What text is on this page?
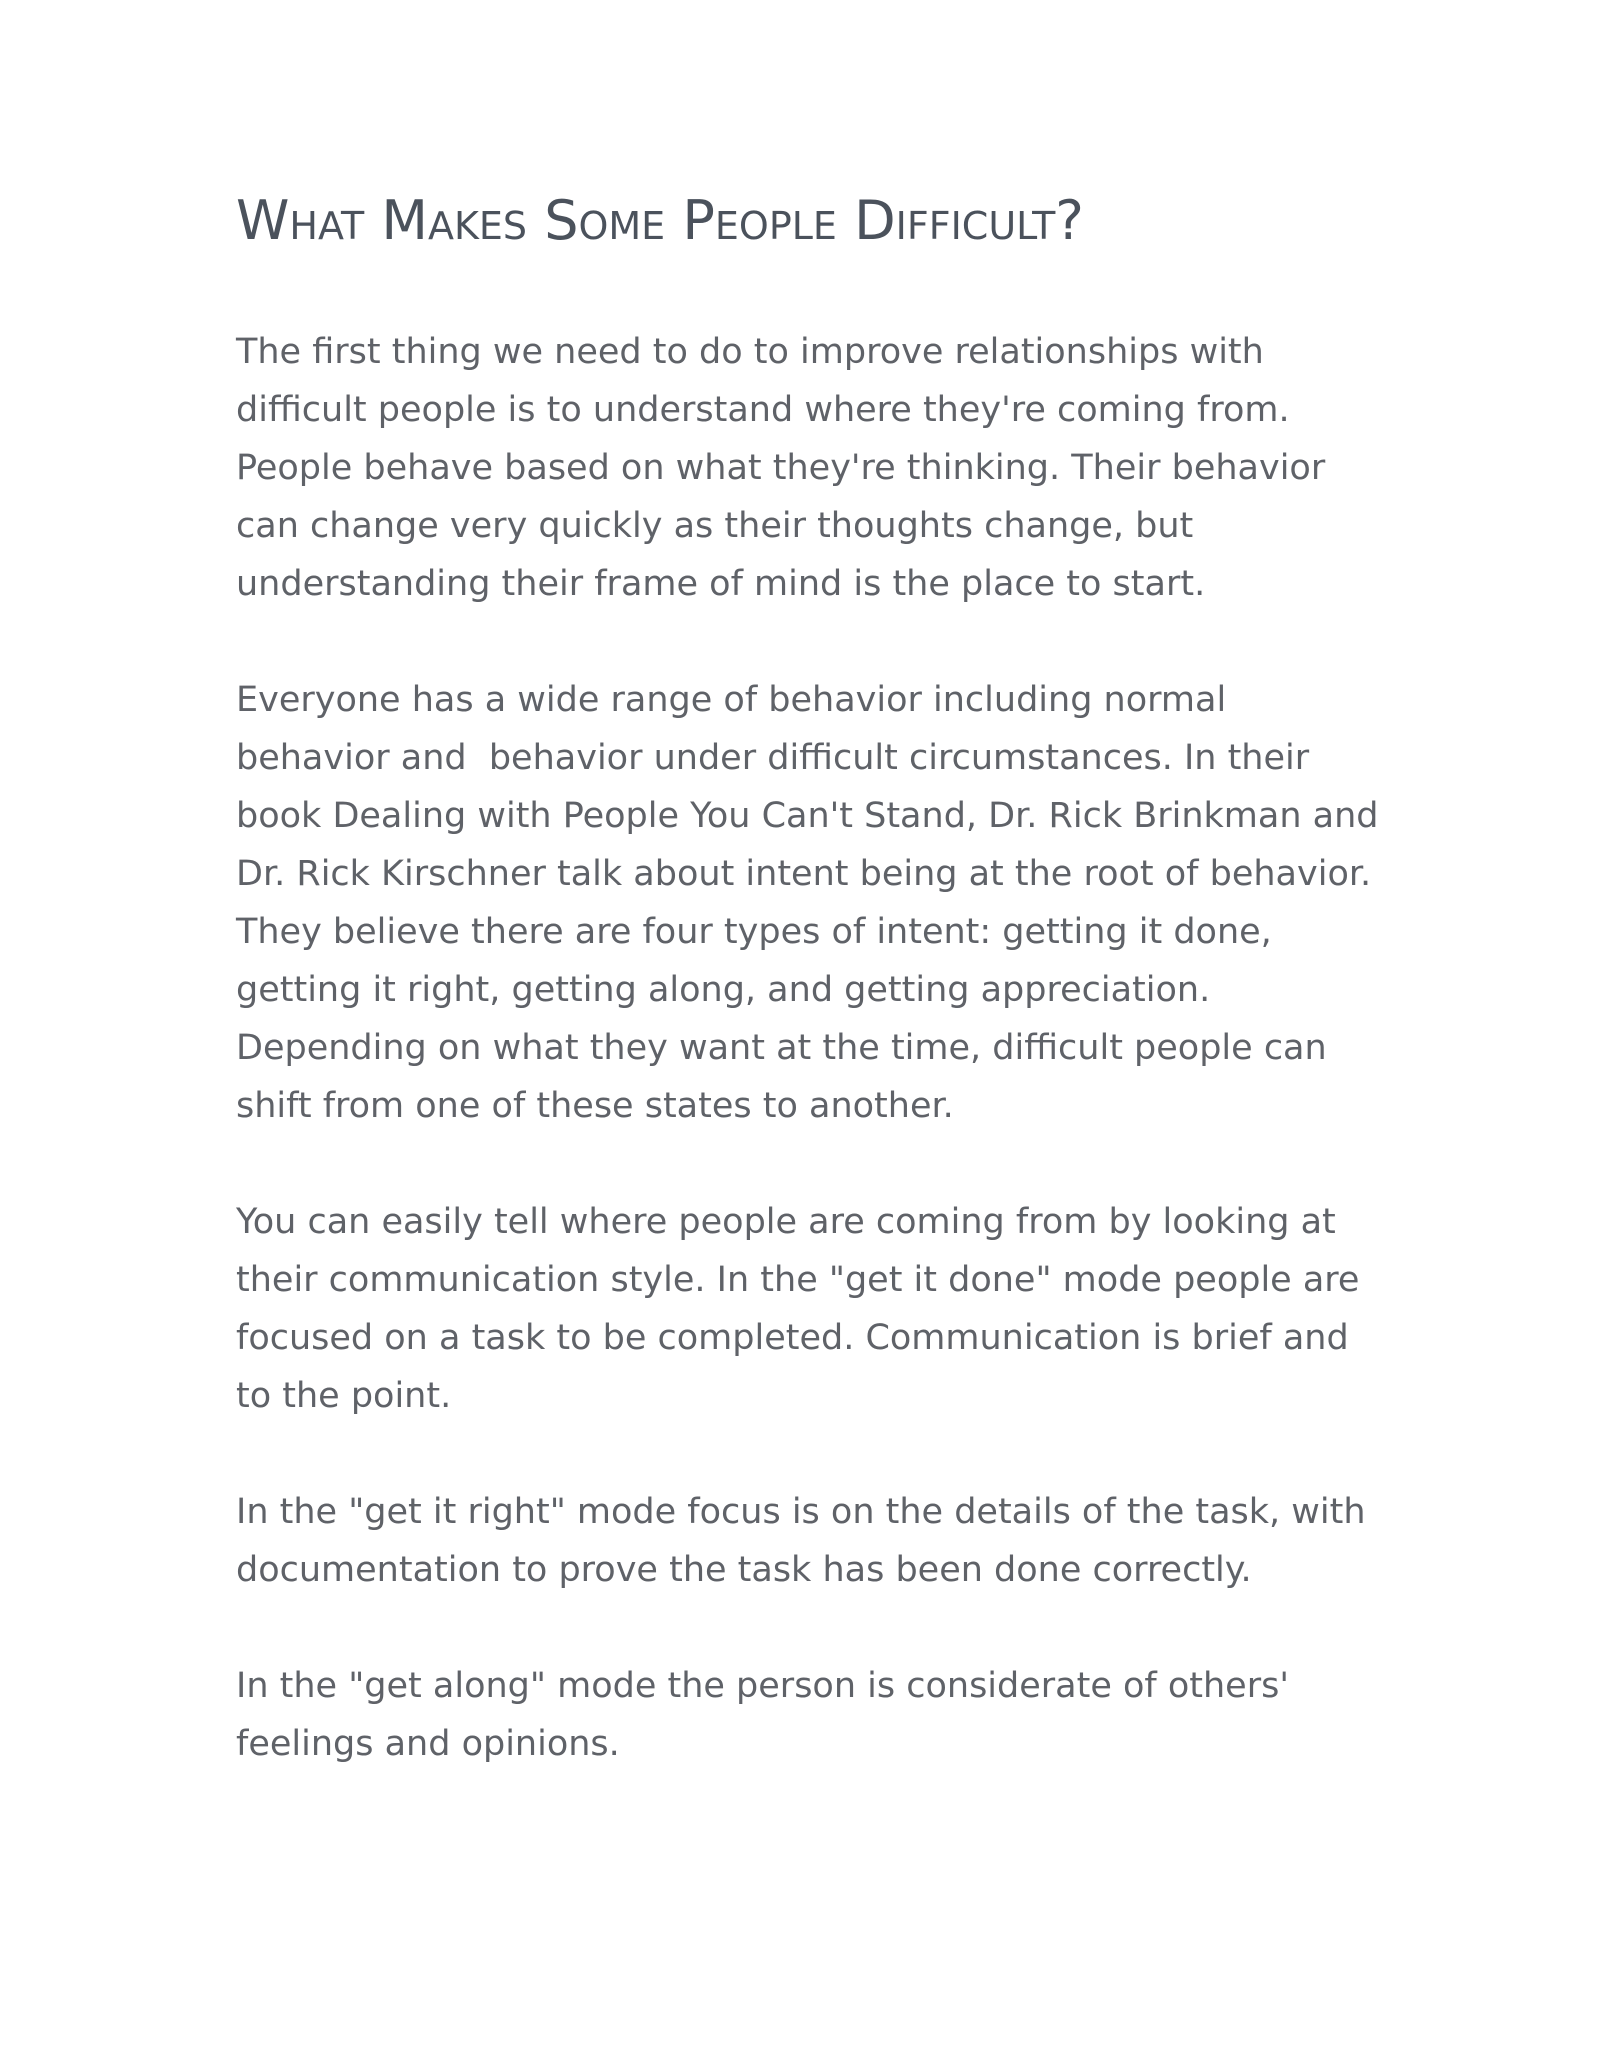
What Makes Some People Difficult?

The first thing we need to do to improve relationships with difficult people is to understand where they're coming from. People behave based on what they're thinking. Their behavior can change very quickly as their thoughts change, but understanding their frame of mind is the place to start.

Everyone has a wide range of behavior including normal behavior and  behavior under difficult circumstances. In their book Dealing with People You Can't Stand, Dr. Rick Brinkman and Dr. Rick Kirschner talk about intent being at the root of behavior. They believe there are four types of intent: getting it done, getting it right, getting along, and getting appreciation. Depending on what they want at the time, difficult people can shift from one of these states to another.

You can easily tell where people are coming from by looking at their communication style. In the "get it done" mode people are focused on a task to be completed. Communication is brief and to the point.

In the "get it right" mode focus is on the details of the task, with documentation to prove the task has been done correctly.

In the "get along" mode the person is considerate of others' feelings and opinions.
